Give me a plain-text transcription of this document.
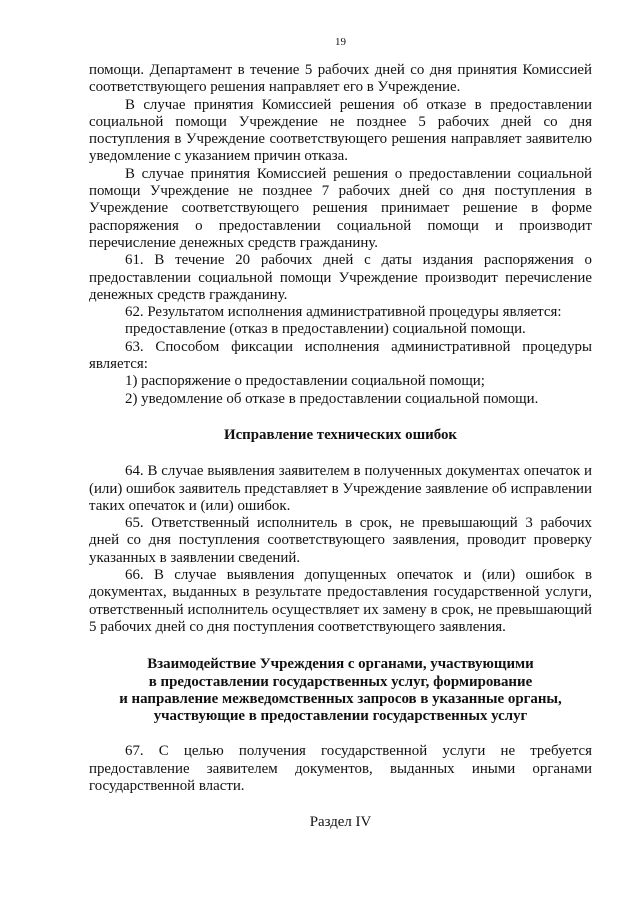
19

помощи. Департамент в течение 5 рабочих дней со дня принятия Комиссией соответствующего решения направляет его в Учреждение.

В случае принятия Комиссией решения об отказе в предоставлении социальной помощи Учреждение не позднее 5 рабочих дней со дня поступления в Учреждение соответствующего решения направляет заявителю уведомление с указанием причин отказа.

В случае принятия Комиссией решения о предоставлении социальной помощи Учреждение не позднее 7 рабочих дней со дня поступления в Учреждение соответствующего решения принимает решение в форме распоряжения о предоставлении социальной помощи и производит перечисление денежных средств гражданину.

61. В течение 20 рабочих дней с даты издания распоряжения о предоставлении социальной помощи Учреждение производит перечисление денежных средств гражданину.

62. Результатом исполнения административной процедуры является:

предоставление (отказ в предоставлении) социальной помощи.

63. Способом фиксации исполнения административной процедуры является:

1) распоряжение о предоставлении социальной помощи;

2) уведомление об отказе в предоставлении социальной помощи.

Исправление технических ошибок

64. В случае выявления заявителем в полученных документах опечаток и (или) ошибок заявитель представляет в Учреждение заявление об исправлении таких опечаток и (или) ошибок.

65. Ответственный исполнитель в срок, не превышающий 3 рабочих дней со дня поступления соответствующего заявления, проводит проверку указанных в заявлении сведений.

66. В случае выявления допущенных опечаток и (или) ошибок в документах, выданных в результате предоставления государственной услуги, ответственный исполнитель осуществляет их замену в срок, не превышающий 5 рабочих дней со дня поступления соответствующего заявления.

Взаимодействие Учреждения с органами, участвующими
в предоставлении государственных услуг, формирование
и направление межведомственных запросов в указанные органы,
участвующие в предоставлении государственных услуг

67. С целью получения государственной услуги не требуется предоставление заявителем документов, выданных иными органами государственной власти.

Раздел IV
